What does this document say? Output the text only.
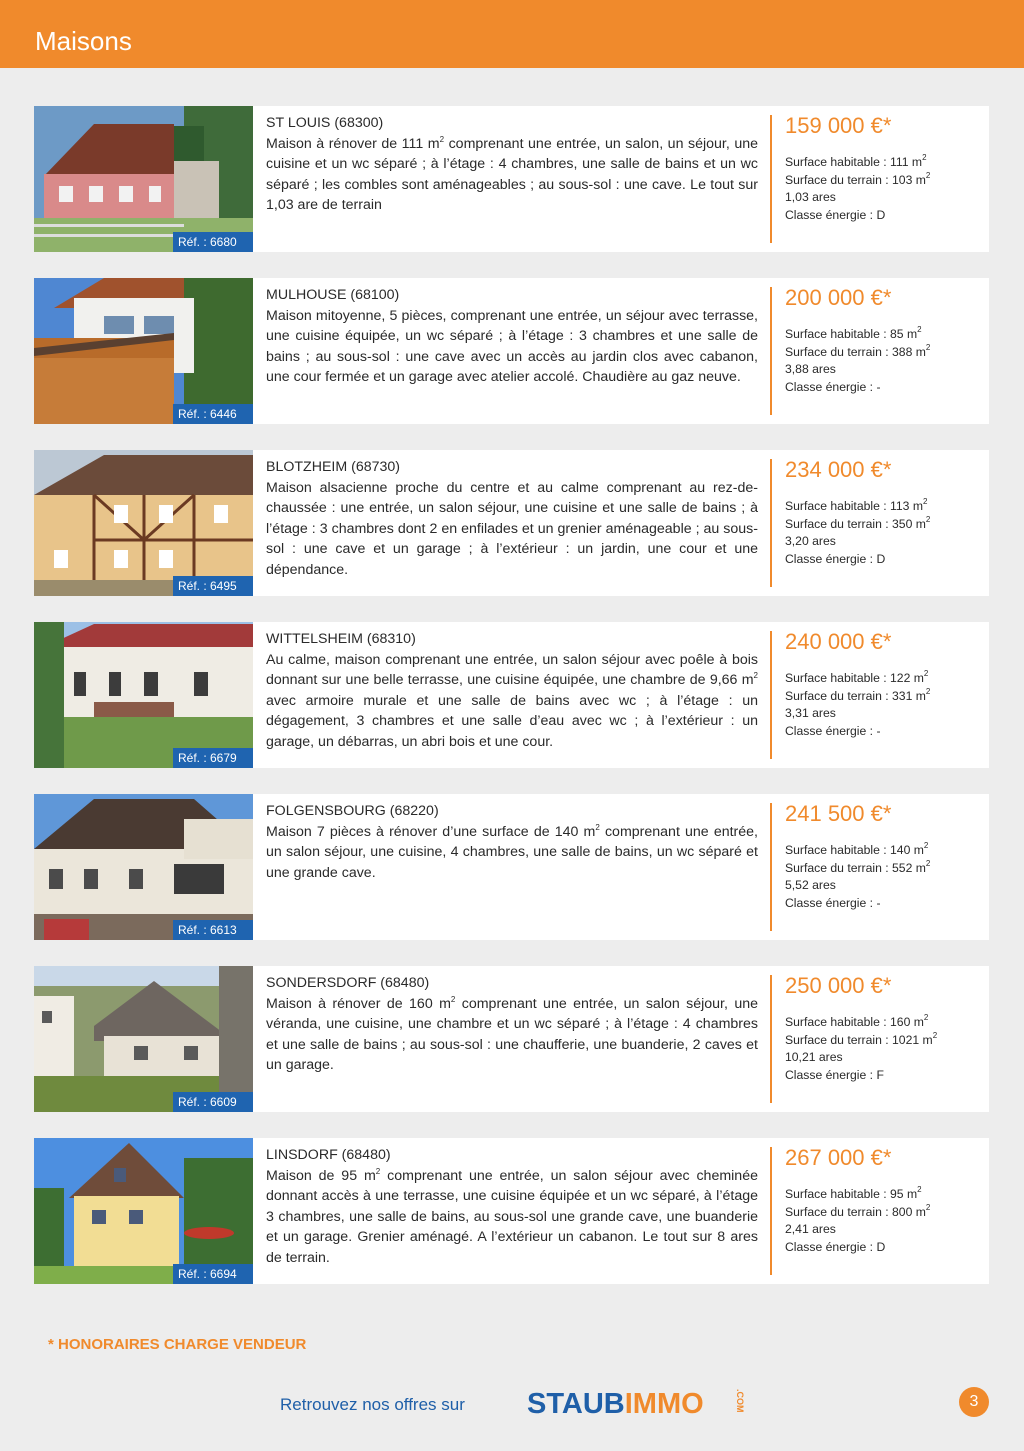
Maisons
Réf. : 6680
ST LOUIS (68300)
Maison à rénover de 111 $m^2$ comprenant une entrée, un salon, un séjour, une cuisine et un wc séparé ; à l’étage : 4 chambres, une salle de bains et un wc séparé ; les combles sont aménageables ; au sous-sol : une cave. Le tout sur 1,03 are de terrain
159 000 €*
Surface habitable : 111 $m^2$
Surface du terrain : 103 $m^2$
1,03 ares
Classe énergie : D
Réf. : 6446
MULHOUSE (68100)
Maison mitoyenne, 5 pièces, comprenant une entrée, un séjour avec terrasse, une cuisine équipée, un wc séparé ; à l’étage : 3 chambres et une salle de bains ; au sous-sol : une cave avec un accès au jardin clos avec cabanon, une cour fermée et un garage avec atelier accolé. Chaudière au gaz neuve.
200 000 €*
Surface habitable : 85 $m^2$
Surface du terrain : 388 $m^2$
3,88 ares
Classe énergie : -
Réf. : 6495
BLOTZHEIM (68730)
Maison alsacienne proche du centre et au calme comprenant au rez-de-chaussée : une entrée, un salon séjour, une cuisine et une salle de bains ; à l’étage : 3 chambres dont 2 en enfilades et un grenier aménageable ; au sous-sol : une cave et un garage ; à l’extérieur : un jardin, une cour et une dépendance.
234 000 €*
Surface habitable : 113 $m^2$
Surface du terrain : 350 $m^2$
3,20 ares
Classe énergie : D
Réf. : 6679
WITTELSHEIM (68310)
Au calme, maison comprenant une entrée, un salon séjour avec poêle à bois donnant sur une belle terrasse, une cuisine équipée, une chambre de 9,66 $m^2$ avec armoire murale et une salle de bains avec wc ; à l’étage : un dégagement, 3 chambres et une salle d’eau avec wc ; à l’extérieur : un garage, un débarras, un abri bois et une cour.
240 000 €*
Surface habitable : 122 $m^2$
Surface du terrain : 331 $m^2$
3,31 ares
Classe énergie : -
Réf. : 6613
FOLGENSBOURG (68220)
Maison 7 pièces à rénover d’une surface de 140 $m^2$ comprenant une entrée, un salon séjour, une cuisine, 4 chambres, une salle de bains, un wc séparé et une grande cave.
241 500 €*
Surface habitable : 140 $m^2$
Surface du terrain : 552 $m^2$
5,52 ares
Classe énergie : -
Réf. : 6609
SONDERSDORF (68480)
Maison à rénover de 160 $m^2$ comprenant une entrée, un salon séjour, une véranda, une cuisine, une chambre et un wc séparé ; à l’étage : 4 chambres et une salle de bains ; au sous-sol : une chaufferie, une buanderie, 2 caves et un garage.
250 000 €*
Surface habitable : 160 $m^2$
Surface du terrain : 1021 $m^2$
10,21 ares
Classe énergie : F
Réf. : 6694
LINSDORF (68480)
Maison de 95 $m^2$ comprenant une entrée, un salon séjour avec cheminée donnant accès à une terrasse, une cuisine équipée et un wc séparé, à l’étage 3 chambres, une salle de bains, au sous-sol une grande cave, une buanderie et un garage. Grenier aménagé. A l’extérieur un cabanon. Le tout sur 8 ares de terrain.
267 000 €*
Surface habitable : 95 $m^2$
Surface du terrain : 800 $m^2$
2,41 ares
Classe énergie : D
* HONORAIRES CHARGE VENDEUR
Retrouvez nos offres sur STAUBIMMO	.COM	3
